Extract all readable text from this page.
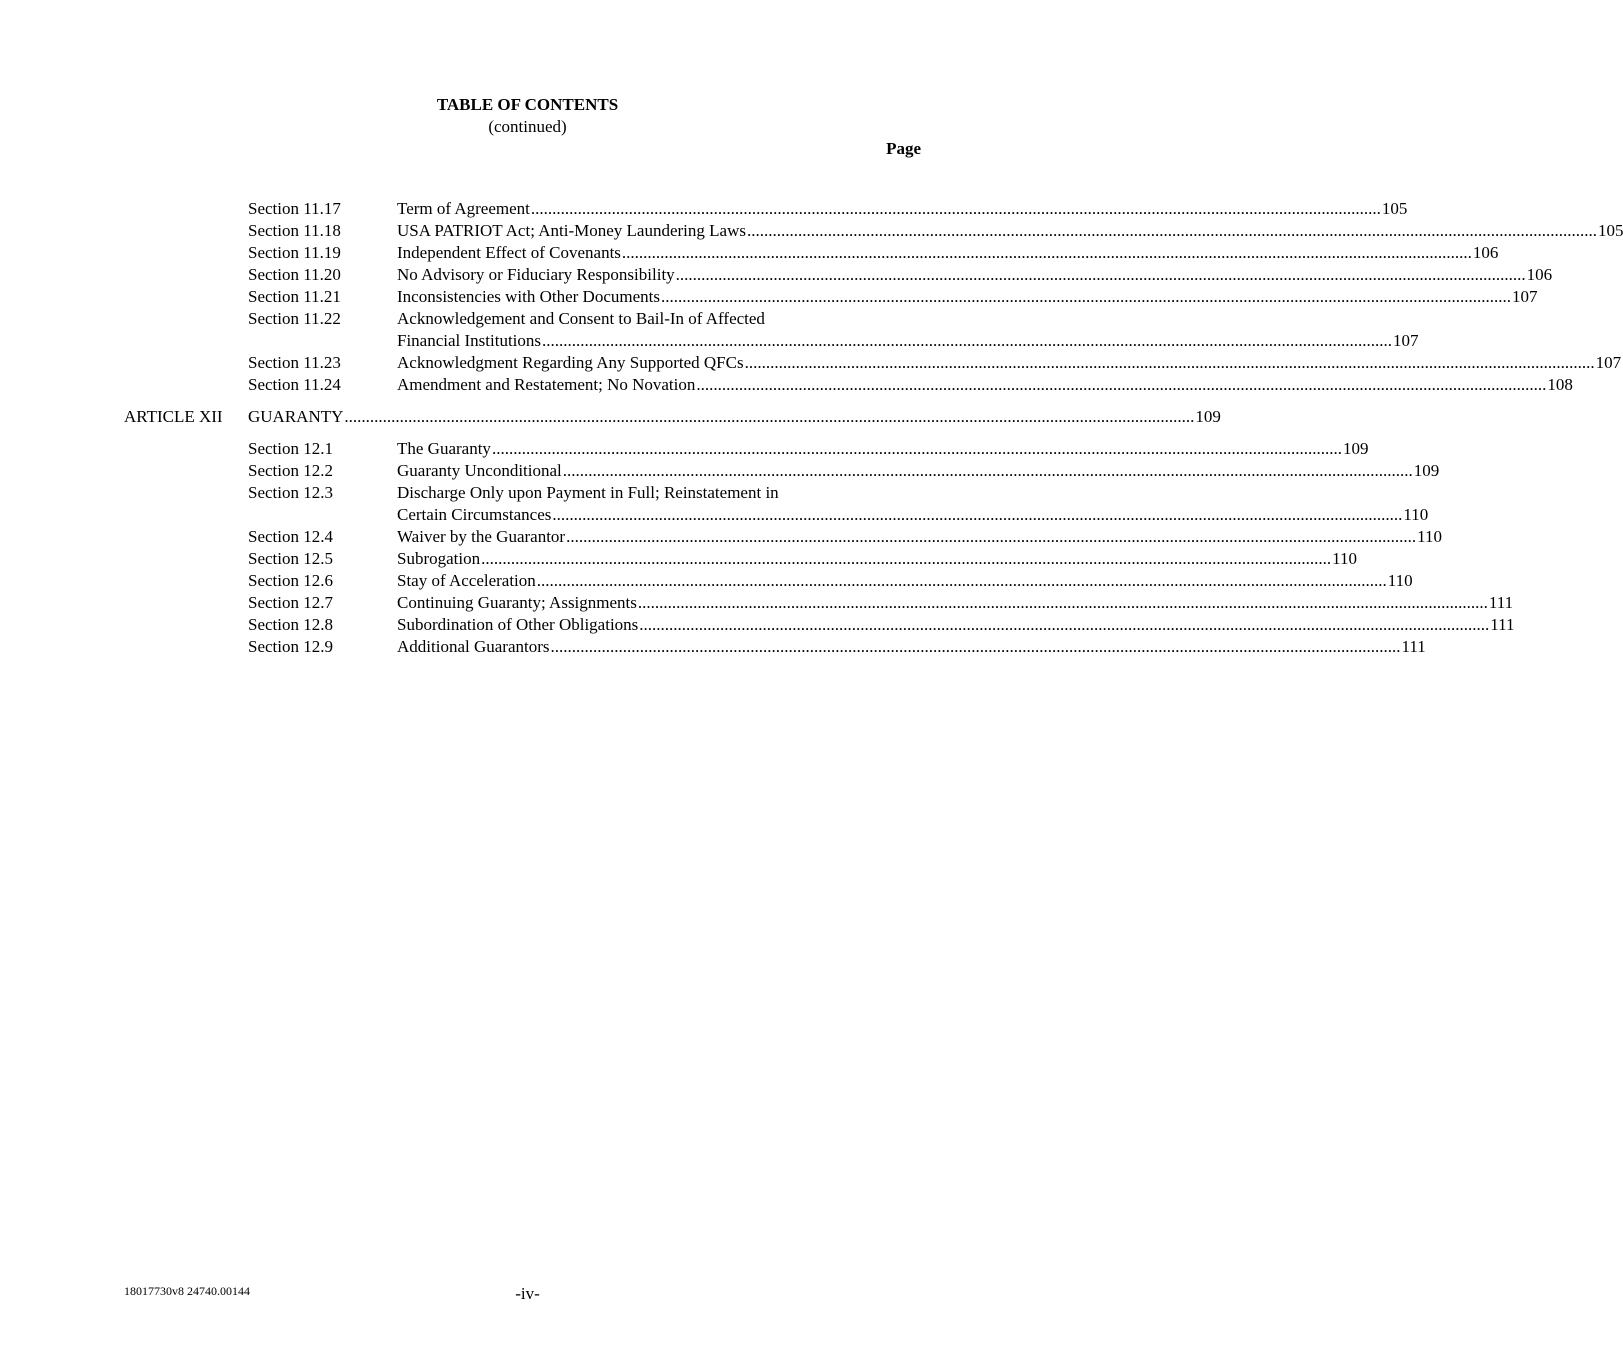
TABLE OF CONTENTS
(continued)
Page
Section 11.17	Term of Agreement ........................................................................................................................................................................................................ 105
Section 11.18	USA PATRIOT Act; Anti-Money Laundering Laws ........................................................................................................................................................................................................ 105
Section 11.19	Independent Effect of Covenants ........................................................................................................................................................................................................ 106
Section 11.20	No Advisory or Fiduciary Responsibility ........................................................................................................................................................................................................ 106
Section 11.21	Inconsistencies with Other Documents ........................................................................................................................................................................................................ 107
Section 11.22	Acknowledgement and Consent to Bail-In of Affected
Financial Institutions ........................................................................................................................................................................................................ 107
Section 11.23	Acknowledgment Regarding Any Supported QFCs ........................................................................................................................................................................................................ 107
Section 11.24	Amendment and Restatement; No Novation ........................................................................................................................................................................................................ 108
ARTICLE XII GUARANTY ........................................................................................................................................................................................................ 109
Section 12.1	The Guaranty ........................................................................................................................................................................................................ 109
Section 12.2	Guaranty Unconditional ........................................................................................................................................................................................................ 109
Section 12.3	Discharge Only upon Payment in Full; Reinstatement in
Certain Circumstances ........................................................................................................................................................................................................ 110
Section 12.4	Waiver by the Guarantor ........................................................................................................................................................................................................ 110
Section 12.5	Subrogation ........................................................................................................................................................................................................ 110
Section 12.6	Stay of Acceleration ........................................................................................................................................................................................................ 110
Section 12.7	Continuing Guaranty; Assignments ........................................................................................................................................................................................................ 111
Section 12.8	Subordination of Other Obligations ........................................................................................................................................................................................................ 111
Section 12.9	Additional Guarantors ........................................................................................................................................................................................................ 111
18017730v8 24740.00144	-iv-
